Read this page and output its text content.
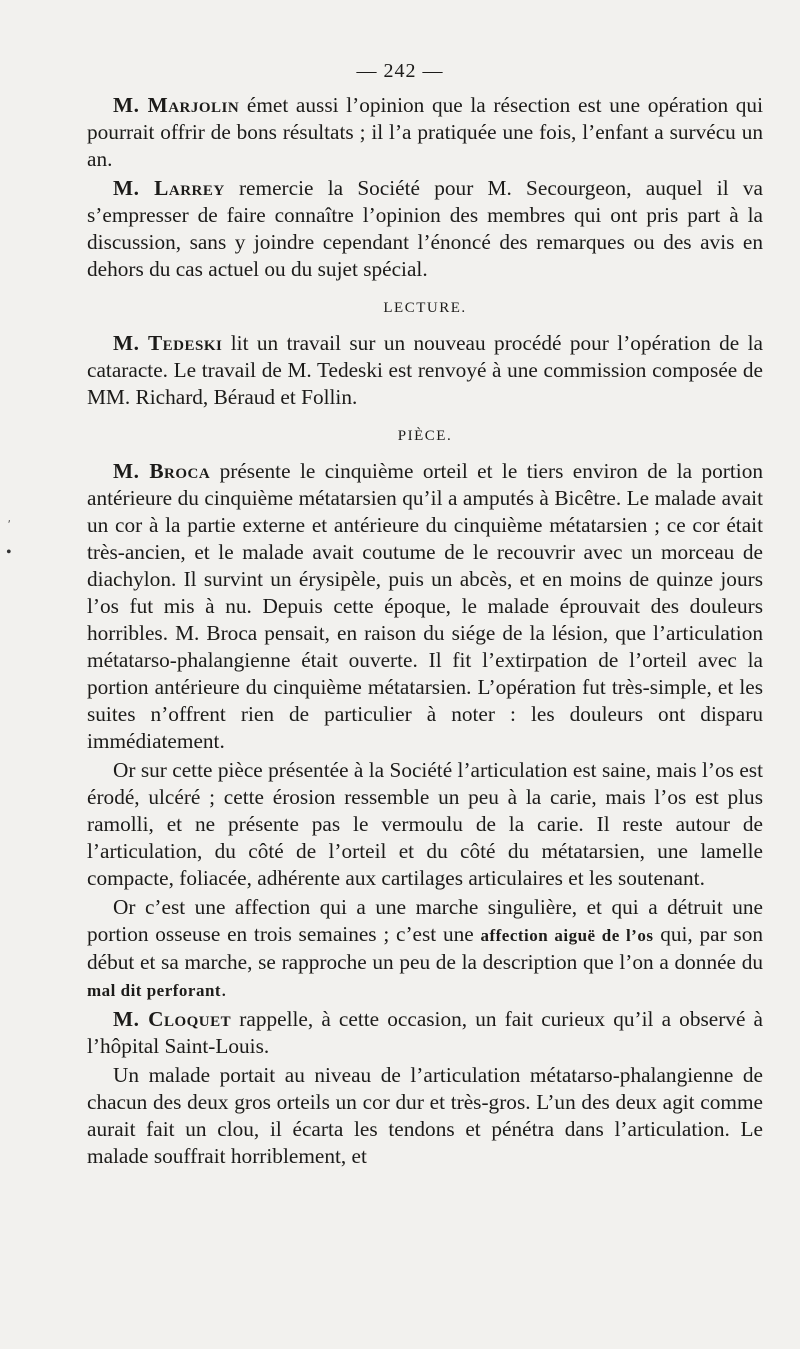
— 242 —

M. Marjolin émet aussi l’opinion que la résection est une opération qui pourrait offrir de bons résultats ; il l’a pratiquée une fois, l’enfant a survécu un an.

M. Larrey remercie la Société pour M. Secourgeon, auquel il va s’empresser de faire connaître l’opinion des membres qui ont pris part à la discussion, sans y joindre cependant l’énoncé des remarques ou des avis en dehors du cas actuel ou du sujet spécial.

LECTURE.

M. Tedeski lit un travail sur un nouveau procédé pour l’opération de la cataracte. Le travail de M. Tedeski est renvoyé à une commission composée de MM. Richard, Béraud et Follin.

PIÈCE.

M. Broca présente le cinquième orteil et le tiers environ de la portion antérieure du cinquième métatarsien qu’il a amputés à Bicêtre. Le malade avait un cor à la partie externe et antérieure du cinquième métatarsien ; ce cor était très-ancien, et le malade avait coutume de le recouvrir avec un morceau de diachylon. Il survint un érysipèle, puis un abcès, et en moins de quinze jours l’os fut mis à nu. Depuis cette époque, le malade éprouvait des douleurs horribles. M. Broca pensait, en raison du siége de la lésion, que l’articulation métatarso-phalangienne était ouverte. Il fit l’extirpation de l’orteil avec la portion antérieure du cinquième métatarsien. L’opération fut très-simple, et les suites n’offrent rien de particulier à noter : les douleurs ont disparu immédiatement.

Or sur cette pièce présentée à la Société l’articulation est saine, mais l’os est érodé, ulcéré ; cette érosion ressemble un peu à la carie, mais l’os est plus ramolli, et ne présente pas le vermoulu de la carie. Il reste autour de l’articulation, du côté de l’orteil et du côté du métatarsien, une lamelle compacte, foliacée, adhérente aux cartilages articulaires et les soutenant.

Or c’est une affection qui a une marche singulière, et qui a détruit une portion osseuse en trois semaines ; c’est une affection aiguë de l’os qui, par son début et sa marche, se rapproche un peu de la description que l’on a donnée du mal dit perforant.

M. Cloquet rappelle, à cette occasion, un fait curieux qu’il a observé à l’hôpital Saint-Louis.

Un malade portait au niveau de l’articulation métatarso-phalangienne de chacun des deux gros orteils un cor dur et très-gros. L’un des deux agit comme aurait fait un clou, il écarta les tendons et pénétra dans l’articulation. Le malade souffrait horriblement, et

•
ʹ
